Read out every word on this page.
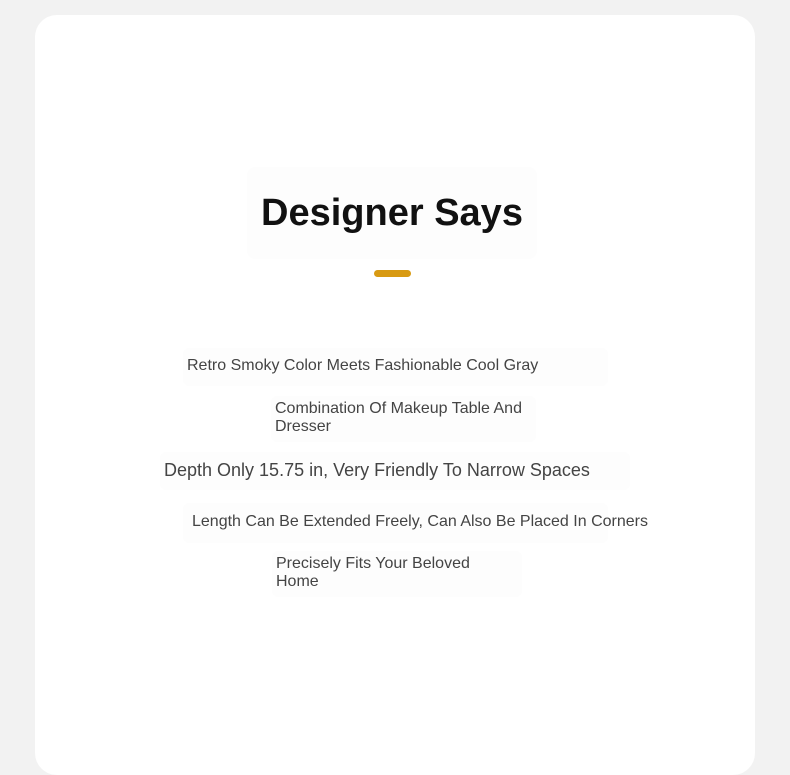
Designer Says
Retro Smoky Color Meets Fashionable Cool Gray
Combination Of Makeup Table And
Dresser
Depth Only 15.75 in, Very Friendly To Narrow Spaces
Length Can Be Extended Freely, Can Also Be Placed In Corners
Precisely Fits Your Beloved
Home
